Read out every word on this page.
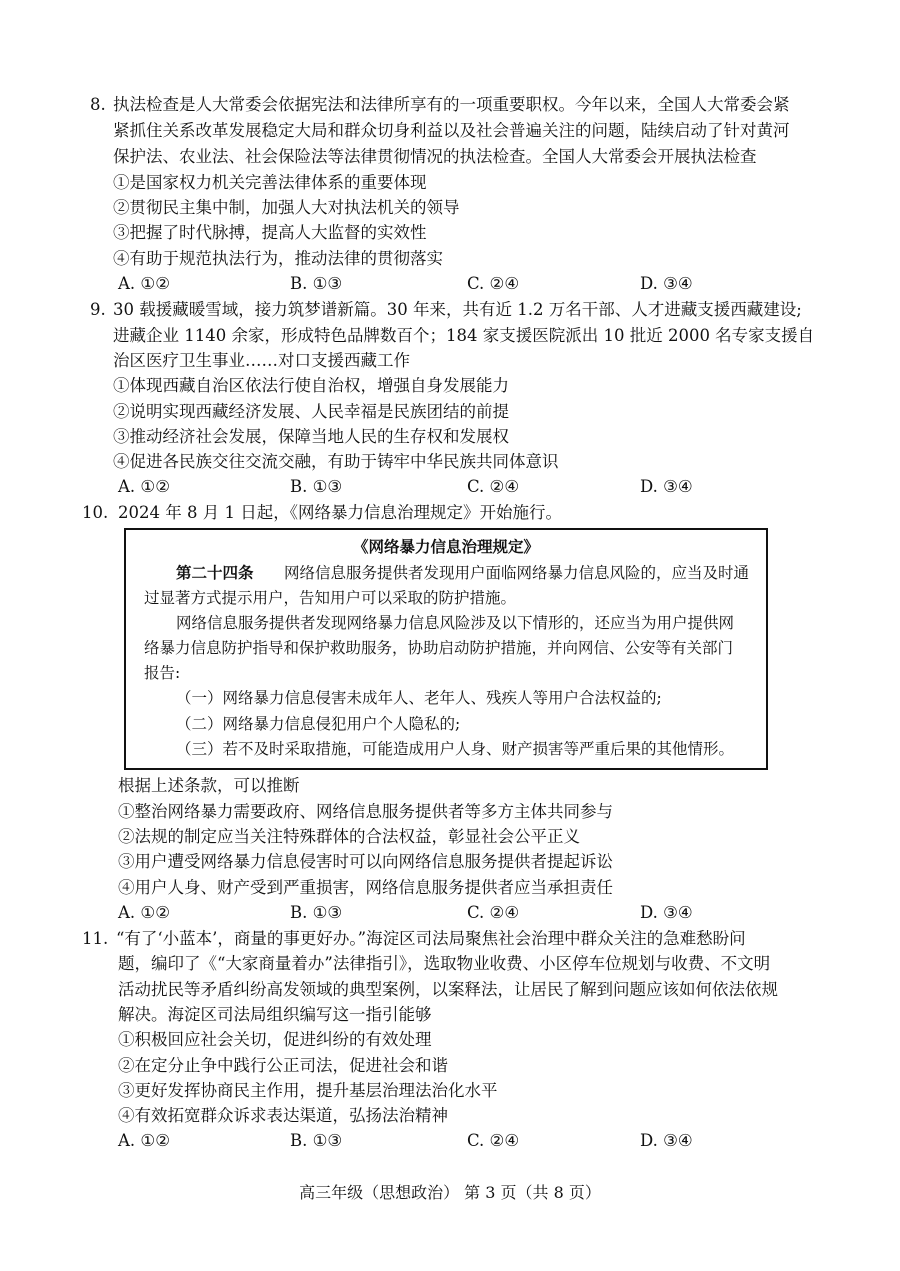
8. 执法检查是人大常委会依据宪法和法律所享有的一项重要职权。今年以来，全国人大常委会紧
紧抓住关系改革发展稳定大局和群众切身利益以及社会普遍关注的问题，陆续启动了针对黄河
保护法、农业法、社会保险法等法律贯彻情况的执法检查。全国人大常委会开展执法检查
①是国家权力机关完善法律体系的重要体现
②贯彻民主集中制，加强人大对执法机关的领导
③把握了时代脉搏，提高人大监督的实效性
④有助于规范执法行为，推动法律的贯彻落实
A. ①②	B. ①③	C. ②④	D. ③④
9. 30 载援藏暖雪域，接力筑梦谱新篇。30 年来，共有近 1.2 万名干部、人才进藏支援西藏建设;
进藏企业 1140 余家，形成特色品牌数百个；184 家支援医院派出 10 批近 2000 名专家支援自
治区医疗卫生事业……对口支援西藏工作
①体现西藏自治区依法行使自治权，增强自身发展能力
②说明实现西藏经济发展、人民幸福是民族团结的前提
③推动经济社会发展，保障当地人民的生存权和发展权
④促进各民族交往交流交融，有助于铸牢中华民族共同体意识
A. ①②	B. ①③	C. ②④	D. ③④
10. 2024 年 8 月 1 日起，《网络暴力信息治理规定》开始施行。
《网络暴力信息治理规定》
第二十四条 网络信息服务提供者发现用户面临网络暴力信息风险的，应当及时通
过显著方式提示用户，告知用户可以采取的防护措施。
网络信息服务提供者发现网络暴力信息风险涉及以下情形的，还应当为用户提供网
络暴力信息防护指导和保护救助服务，协助启动防护措施，并向网信、公安等有关部门
报告:
（一）网络暴力信息侵害未成年人、老年人、残疾人等用户合法权益的;
（二）网络暴力信息侵犯用户个人隐私的;
（三）若不及时采取措施，可能造成用户人身、财产损害等严重后果的其他情形。
根据上述条款，可以推断
①整治网络暴力需要政府、网络信息服务提供者等多方主体共同参与
②法规的制定应当关注特殊群体的合法权益，彰显社会公平正义
③用户遭受网络暴力信息侵害时可以向网络信息服务提供者提起诉讼
④用户人身、财产受到严重损害，网络信息服务提供者应当承担责任
A. ①②	B. ①③	C. ②④	D. ③④
11. “有了‘小蓝本’，商量的事更好办。”海淀区司法局聚焦社会治理中群众关注的急难愁盼问
题，编印了《“大家商量着办”法律指引》，选取物业收费、小区停车位规划与收费、不文明
活动扰民等矛盾纠纷高发领域的典型案例，以案释法，让居民了解到问题应该如何依法依规
解决。海淀区司法局组织编写这一指引能够
①积极回应社会关切，促进纠纷的有效处理
②在定分止争中践行公正司法，促进社会和谐
③更好发挥协商民主作用，提升基层治理法治化水平
④有效拓宽群众诉求表达渠道，弘扬法治精神
A. ①②	B. ①③	C. ②④	D. ③④
高三年级（思想政治） 第 3 页（共 8 页）
